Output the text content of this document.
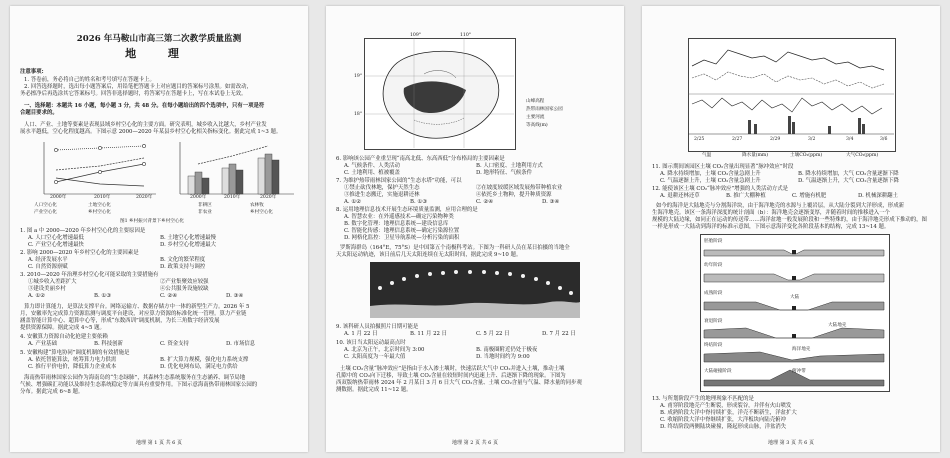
2026 年马鞍山市高三第二次教学质量监测
地 理
注意事项:
1. 答卷前，务必将自己的姓名和考号填写在答题卡上。
2. 回答选择题时，选出每小题答案后，用铅笔把答题卡上对应题目的答案标号涂黑。如需改动，
务必擦净后再选涂其它答案标号。回答非选择题时，将答案写在答题卡上，写在本试卷上无效。
一、选择题：本题共 16 小题，每小题 3 分，共 48 分。在每小题给出的四个选项中，只有一项是符
合题目要求的。
人口、产业、土地等要素是表现县域乡村空心化的主要方面。研究表明，城乡收入比越大，乡村产业发
展水平越低，空心化程度越高。下图示意 2000—2020 年某县乡村空心化相关指标变化。据此完成 1~3 题。
2000年	2010年	2020年
人口空心化	土地空心化
产业空心化	乡村空心化
2000年	2010年	2020年
非耕区	农林牧
非农业	乡村空心化
图1 乡村振兴背景下乡村空心化
1. 图 a 中 2000—2020 年乡村空心化的主要原因是
A. 人口空心化增速最低	B. 土地空心化增速最慢
C. 产业空心化增速最快	D. 乡村空心化增速最大
2. 影响 2000—2020 年乡村空心化的主要因素是
A. 经济发展水平	B. 文化的繁荣程度
C. 自然资源禀赋	D. 政策支持与调控
3. 2010—2020 年治理乡村空心化可能采取的主要措施有
①城乡收入差距扩大	②产业集聚效应较强
③建设美丽乡村	④公共服务设施较缺
A. ①②	B. ①③	C. ②④	D. ③④
算力即计算能力，是算法支撑平台。网络运输方、数据存储方中一体的新型生产力。2026 年 5
月，安徽率先完成算力资源监测与调度平台建设，对应算力资源的标准化统一管理。算力产业链
涵盖智能计算中心、超算中心等，形成“东数西训”调度机制，为长三角数字经济发展
提供资源保障。据此完成 4~5 题。
4. 安徽算力资源自动化抢建主要依赖
A. 产业基础	B. 科技创新	C. 资金支持	D. 市场信息
5. 安徽构建“算电协同”调度机制的有效措施是
A. 依托智能算法，统筹算力电力供需	B. 扩大算力规模，强化电力系统支撑
C. 推行平价电价，降低算力企业成本	D. 优化电网布局，满足电力供给
海南热带雨林国家公园作为海南岛的“生态绿肺”，其森林生态系统服务在生态涵养、调节局地
气候、增强碳汇功能以及维持生态系统稳定等方面具有重要作用。下图示意海南热带雨林国家公园的
分布。据此完成 6~8 题。
地理 第 1 页 共 6 页
109°	110°
19°
18°
山峰高程
热带雨林国家公园
主要河流
等高线(m)
6. 影响该公园产业重呈现“南高北低、东高西低”分布格局的主要因素是
A. 气候条件、人类活动	B. 人口密度、土地利用方式
C. 土地利用、植被覆盖	D. 地形特征、气候条件
7. 为维护热带雨林国家公园的“生态水塔”功能，可以
①禁止砍伐林地，保护天然生态	②在坡度较缓区域发展热带种植农业
③推进生态搬迁，实施退耕还林	④依托乡土物种，提升种质资源
A. ①②	B. ①③	C. ②④	D. ③④
8. 运用地理信息技术开展生态环境质量监测，应用合理的是
A. 智慧农业：在外遥感技术—确定污染物种类
B. 数字化管理：地理信息系统—建设信息库
C. 智能化传感：地理信息系统—确定污染源位置
D. 网格化监控：卫星导航系统—分析污染的面积
罗斯海群岛（164°E，75°S）是中国第五个南极科考站。下图为一科研人员在某日拍摄的当地全
天太阳运动轨迹，该日前后几天太阳连续在无太阳时间，据此完成 9~10 题。
9. 该科研人员拍摄照片日期可能是
A. 1 月 22 日	B. 11 月 22 日	C. 5 月 22 日	D. 7 月 22 日
10. 该日当太阳运动最高点时
A. 北京为正午，北京时间为 3:00	B. 南极圈附近仍处于极夜
C. 太阳高度为一年最大值	D. 当地时间约为 9:00
土壤 CO₂含量“脉冲效应”是指由于水入渗土壤时，快速活跃大气中 CO₂并进入土壤，推动土壤
孔隙中的 CO₂向下迁移，导致土壤 CO₂含量在较短时间内迅速上升、后逐渐下降的现象。下图为
西双版纳热带雨林 2024 年 2 月某日 3 月 6 日大气 CO₂含量、土壤 CO₂含量与气温、降水量的同步观
测数据。据此完成 11~12 题。
地理 第 2 页 共 6 页
2/25	2/27	2/29	3/2	3/4	3/6
气温	降水量(mm)	土壤CO₂(ppm)	大气CO₂(ppm)
11. 图示期间该园区土壤 CO₂含量出现显著“脉冲效应”时段
A. 降水持续增加，土壤 CO₂含量急剧上升	B. 降水持续增加，大气 CO₂含量逐渐下降
C. 气温逐渐上升，土壤 CO₂含量急剧上升	D. 气温逐渐上升，大气 CO₂含量逐渐下降
12. 能使该区土壤 CO₂“脉冲效应”增强的人类活动方式是
A. 退耕还林还草	B. 推广大棚种植	C. 增施有机肥	D. 机械深耕翻土
如今的海洋是大陆地壳与分割海洋块，由于海洋地壳的水源与上覆岩层，从大陆分裂到大洋形成，形成新
生海洋地壳。该区一条海洋深度的统计剖面（b）：海洋地壳会逐渐变厚，并随着时间的推移进入一个
规模的大陆边缘，如同正在运动的传送带……海洋盆地一般发展阶段和一些特殊的，由于海洋地壳形成下推动的，图
一样是形成一大陆动到海洋的标准示意图，下图示意海洋变化各阶段基本的结构，完成 13~14 题。
胚胎阶段
幼年阶段
成熟阶段
衰退阶段
终结阶段
大陆碰撞阶段
大陆
大陆地壳
海洋地壳
俯冲带
13. 与所划阶段产生的地理现象不匹配的是
A. 甫穿阶段地壳产生断裂，形成裂谷，并伴有火山喷发
B. 成熟阶段大洋中脊持续扩张，洋壳不断新生，洋盆扩大
C. 收缩阶段大洋中脊继续扩张，大洋板块向陆壳俯冲
D. 终结阶段两侧陆块碰撞，隆起形成山脉，洋盆消失
地理 第 3 页 共 6 页
